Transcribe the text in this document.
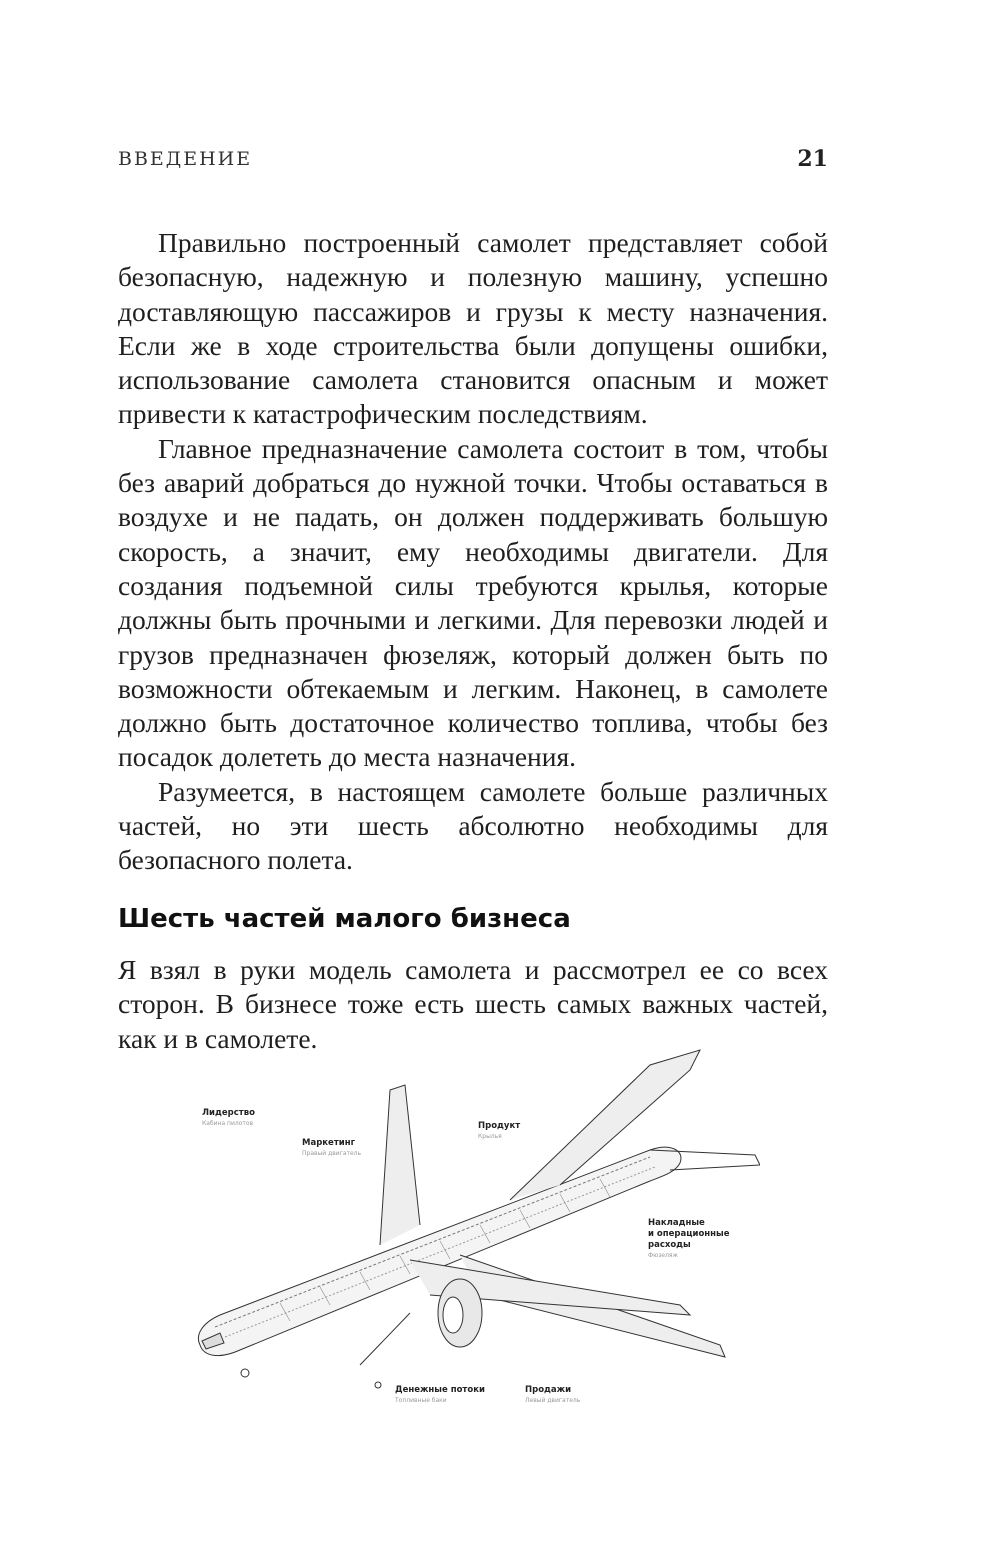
ВВЕДЕНИЕ	21

Правильно построенный самолет представляет собой безопасную, надежную и полезную машину, успешно доставляющую пассажиров и грузы к месту назначения. Если же в ходе строительства были допущены ошибки, использование самолета становится опасным и может привести к катастрофическим последствиям.

Главное предназначение самолета состоит в том, чтобы без аварий добраться до нужной точки. Чтобы оставаться в воздухе и не падать, он должен поддерживать большую скорость, а значит, ему необходимы двигатели. Для создания подъемной силы требуются крылья, которые должны быть прочными и легкими. Для перевозки людей и грузов предназначен фюзеляж, который должен быть по возможности обтекаемым и легким. Наконец, в самолете должно быть достаточное количество топлива, чтобы без посадок долететь до места назначения.

Разумеется, в настоящем самолете больше различных частей, но эти шесть абсолютно необходимы для безопасного полета.

Шесть частей малого бизнеса

Я взял в руки модель самолета и рассмотрел ее со всех сторон. В бизнесе тоже есть шесть самых важных частей, как и в самолете.

Лидерство
Кабина пилотов
Маркетинг
Правый двигатель
Продукт
Крылья
Накладные
и операционные
расходы
Фюзеляж
Денежные потоки
Топливные баки
Продажи
Левый двигатель
